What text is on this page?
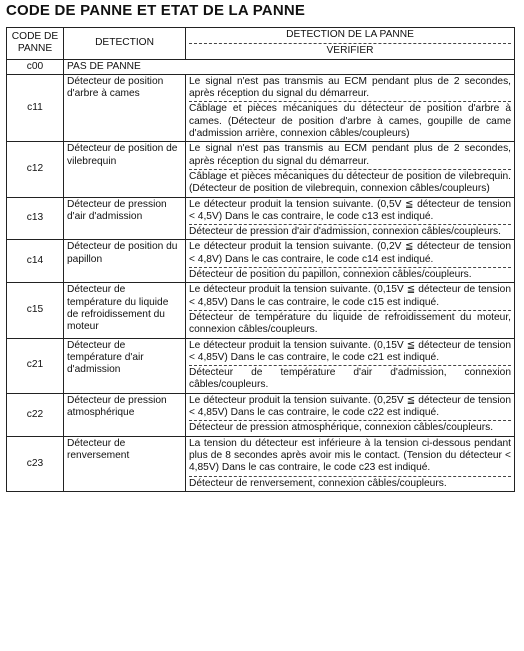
CODE DE PANNE ET ETAT DE LA PANNE
CODE DE PANNE	DETECTION	DETECTION DE LA PANNE
VERIFIER

c00	PAS DE PANNE	
c11	Détecteur de position d'arbre à cames	Le signal n'est pas transmis au ECM pendant plus de 2 secondes, après réception du signal du démarreur.
Câblage et pièces mécaniques du détecteur de position d'arbre à cames. (Détecteur de position d'arbre à cames, goupille de came d'admission arrière, connexion câbles/coupleurs)

c12	Détecteur de position de vilebrequin	Le signal n'est pas transmis au ECM pendant plus de 2 secondes, après réception du signal du démarreur.
Câblage et pièces mécaniques du détecteur de position de vilebrequin. (Détecteur de position de vilebrequin, connexion câbles/coupleurs)

c13	Détecteur de pression d'air d'admission	Le détecteur produit la tension suivante. (0,5V ≦ détecteur de tension < 4,5V) Dans le cas contraire, le code c13 est indiqué.
Détecteur de pression d'air d'admission, connexion câbles/coupleurs.

c14	Détecteur de position du papillon	Le détecteur produit la tension suivante. (0,2V ≦ détecteur de tension < 4,8V) Dans le cas contraire, le code c14 est indiqué.
Détecteur de position du papillon, connexion câbles/coupleurs.

c15	Détecteur de température du liquide de refroidissement du moteur	Le détecteur produit la tension suivante. (0,15V ≦ détecteur de tension < 4,85V) Dans le cas contraire, le code c15 est indiqué.
Détecteur de température du liquide de refroidissement du moteur, connexion câbles/coupleurs.

c21	Détecteur de température d'air d'admission	Le détecteur produit la tension suivante. (0,15V ≦ détecteur de tension < 4,85V) Dans le cas contraire, le code c21 est indiqué.
Détecteur de température d'air d'admission, connexion câbles/coupleurs.

c22	Détecteur de pression atmosphérique	Le détecteur produit la tension suivante. (0,25V ≦ détecteur de tension < 4,85V) Dans le cas contraire, le code c22 est indiqué.
Détecteur de pression atmosphérique, connexion câbles/coupleurs.

c23	Détecteur de renversement	La tension du détecteur est inférieure à la tension ci-dessous pendant plus de 8 secondes après avoir mis le contact. (Tension du détecteur < 4,85V) Dans le cas contraire, le code c23 est indiqué.
Détecteur de renversement, connexion câbles/coupleurs.
